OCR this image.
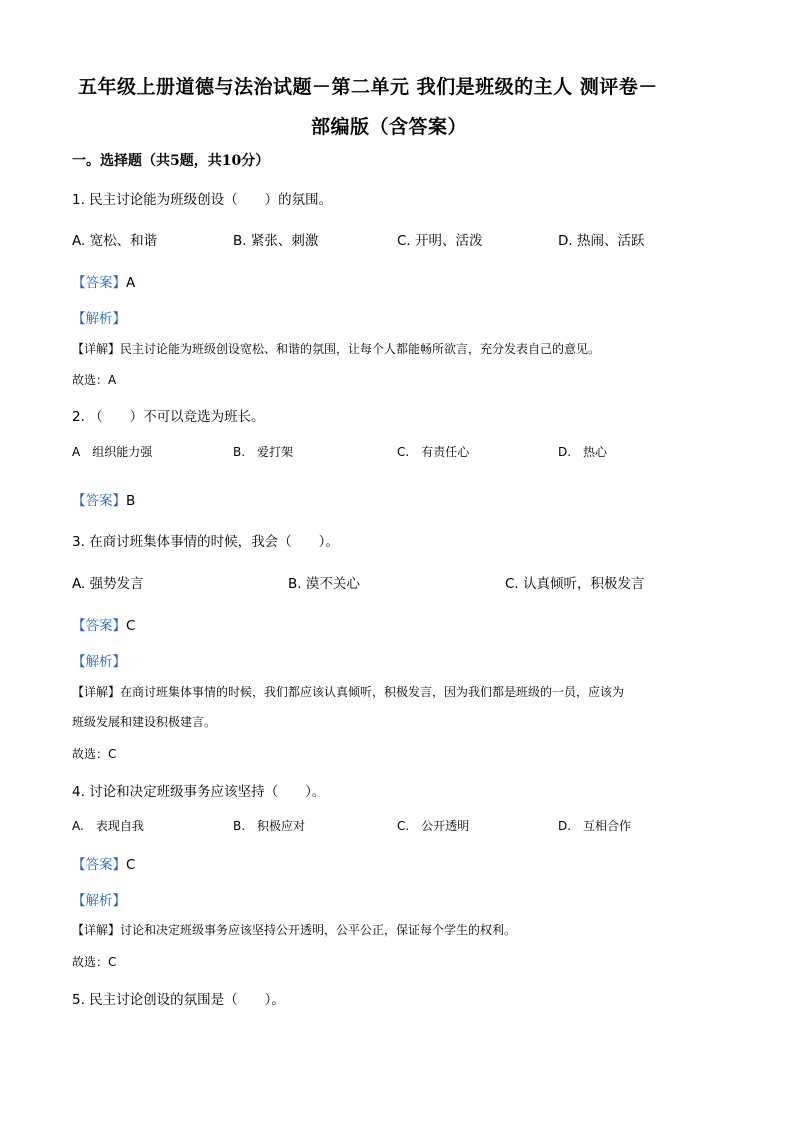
五年级上册道德与法治试题－第二单元 我们是班级的主人 测评卷－
部编版（含答案）
一。选择题（共5题，共10分）
1. 民主讨论能为班级创设（　　）的氛围。
A. 宽松、和谐	B. 紧张、刺激	C. 开明、活泼	D. 热闹、活跃
【答案】A
【解析】
【详解】民主讨论能为班级创设宽松、和谐的氛围，让每个人都能畅所欲言，充分发表自己的意见。
故选：A
2. （　　）不可以竞选为班长。
A　组织能力强	B.　爱打架	C.　有责任心	D.　热心
【答案】B
3. 在商讨班集体事情的时候，我会（　　）。
A. 强势发言	B. 漠不关心	C. 认真倾听，积极发言
【答案】C
【解析】
【详解】在商讨班集体事情的时候，我们都应该认真倾听，积极发言，因为我们都是班级的一员，应该为
班级发展和建设积极建言。
故选：C
4. 讨论和决定班级事务应该坚持（　　）。
A.　表现自我	B.　积极应对	C.　公开透明	D.　互相合作
【答案】C
【解析】
【详解】讨论和决定班级事务应该坚持公开透明，公平公正，保证每个学生的权利。
故选：C
5. 民主讨论创设的氛围是（　　）。
